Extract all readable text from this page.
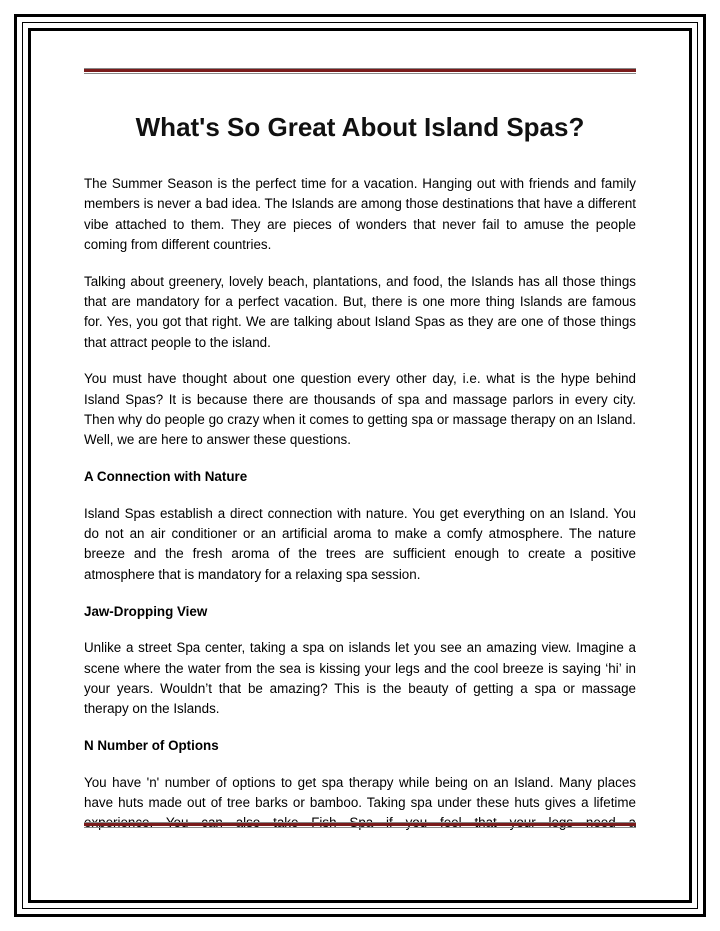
What's So Great About Island Spas?

The Summer Season is the perfect time for a vacation. Hanging out with friends and family members is never a bad idea. The Islands are among those destinations that have a different vibe attached to them. They are pieces of wonders that never fail to amuse the people coming from different countries.

Talking about greenery, lovely beach, plantations, and food, the Islands has all those things that are mandatory for a perfect vacation. But, there is one more thing Islands are famous for. Yes, you got that right. We are talking about Island Spas as they are one of those things that attract people to the island.

You must have thought about one question every other day, i.e. what is the hype behind Island Spas? It is because there are thousands of spa and massage parlors in every city. Then why do people go crazy when it comes to getting spa or massage therapy on an Island. Well, we are here to answer these questions.

A Connection with Nature

Island Spas establish a direct connection with nature. You get everything on an Island. You do not an air conditioner or an artificial aroma to make a comfy atmosphere. The nature breeze and the fresh aroma of the trees are sufficient enough to create a positive atmosphere that is mandatory for a relaxing spa session.

Jaw-Dropping View

Unlike a street Spa center, taking a spa on islands let you see an amazing view. Imagine a scene where the water from the sea is kissing your legs and the cool breeze is saying ‘hi’ in your years. Wouldn’t that be amazing? This is the beauty of getting a spa or massage therapy on the Islands.

N Number of Options

You have 'n' number of options to get spa therapy while being on an Island. Many places have huts made out of tree barks or bamboo. Taking spa under these huts gives a lifetime
